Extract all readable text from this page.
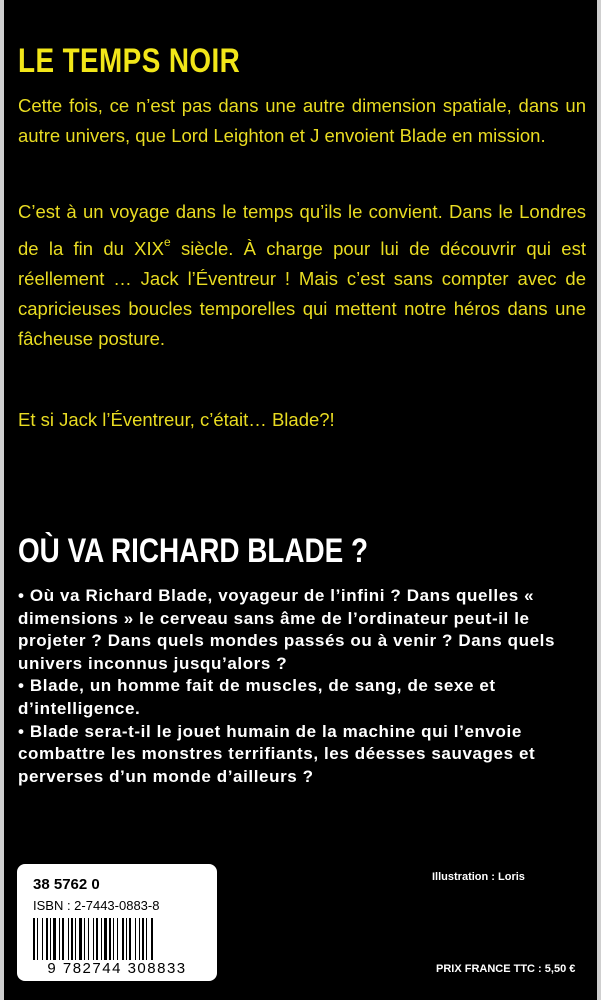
LE TEMPS NOIR

Cette fois, ce n’est pas dans une autre dimension spatiale, dans un autre univers, que Lord Leighton et J envoient Blade en mission.

C’est à un voyage dans le temps qu’ils le convient. Dans le Londres de la fin du XIXe siècle. À charge pour lui de découvrir qui est réellement … Jack l’Éventreur ! Mais c’est sans compter avec de capricieuses boucles temporelles qui mettent notre héros dans une fâcheuse posture.

Et si Jack l’Éventreur, c’était… Blade?!

OÙ VA RICHARD BLADE ?
• Où va Richard Blade, voyageur de l’infini ? Dans quelles « dimensions » le cerveau sans âme de l’ordinateur peut-il le projeter ? Dans quels mondes passés ou à venir ? Dans quels univers inconnus jusqu’alors ?
• Blade, un homme fait de muscles, de sang, de sexe et d’intelligence.
• Blade sera-t-il le jouet humain de la machine qui l’envoie combattre les monstres terrifiants, les déesses sauvages et perverses d’un monde d’ailleurs ?
38 5762 0
ISBN : 2-7443-0883-8
9 782744 308833
Illustration : Loris
PRIX FRANCE TTC : 5,50 €
